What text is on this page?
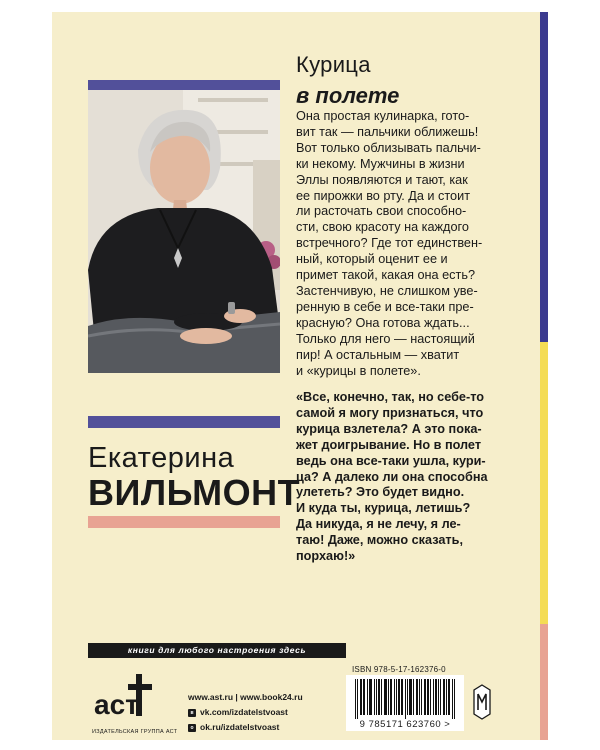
Курица
в полете
Она простая кулинарка, гото-
вит так — пальчики оближешь!
Вот только облизывать пальчи-
ки некому. Мужчины в жизни
Эллы появляются и тают, как
ее пирожки во рту. Да и стоит
ли расточать свои способно-
сти, свою красоту на каждого
встречного? Где тот единствен-
ный, который оценит ее и
примет такой, какая она есть?
Застенчивую, не слишком уве-
ренную в себе и все-таки пре-
красную? Она готова ждать...
Только для него — настоящий
пир! А остальным — хватит
и «курицы в полете».
«Все, конечно, так, но себе-то
самой я могу признаться, что
курица взлетела? А это пока-
жет доигрывание. Но в полет
ведь она все-таки ушла, кури-
ца? А далеко ли она способна
улететь? Это будет видно.
И куда ты, курица, летишь?
Да никуда, я не лечу, я ле-
таю! Даже, можно сказать,
порхаю!»
Екатерина
ВИЛЬМОНТ
книги для любого настроения здесь
аст
ИЗДАТЕЛЬСКАЯ ГРУППА АСТ
www.ast.ru | www.book24.ru
в vk.com/izdatelstvoast
о ok.ru/izdatelstvoast
ISBN 978-5-17-162376-0
9 785171 623760 >
